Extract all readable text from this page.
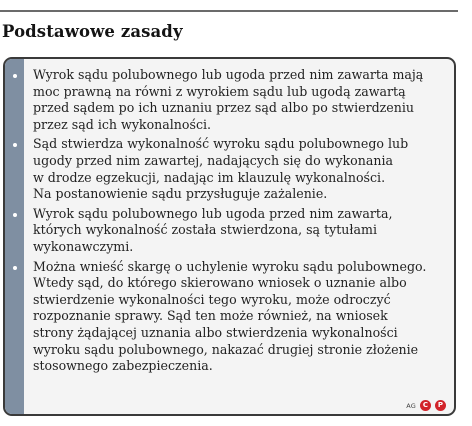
Podstawowe zasady
Wyrok sądu polubownego lub ugoda przed nim zawarta mają
moc prawną na równi z wyrokiem sądu lub ugodą zawartą
przed sądem po ich uznaniu przez sąd albo po stwierdzeniu
przez sąd ich wykonalności.
Sąd stwierdza wykonalność wyroku sądu polubownego lub
ugody przed nim zawartej, nadających się do wykonania
w drodze egzekucji, nadając im klauzulę wykonalności.
Na postanowienie sądu przysługuje zażalenie.
Wyrok sądu polubownego lub ugoda przed nim zawarta,
których wykonalność została stwierdzona, są tytułami
wykonawczymi.
Można wnieść skargę o uchylenie wyroku sądu polubownego.
Wtedy sąd, do którego skierowano wniosek o uznanie albo
stwierdzenie wykonalności tego wyroku, może odroczyć
rozpoznanie sprawy. Sąd ten może również, na wniosek
strony żądającej uznania albo stwierdzenia wykonalności
wyroku sądu polubownego, nakazać drugiej stronie złożenie
stosownego zabezpieczenia.
AG C	P
